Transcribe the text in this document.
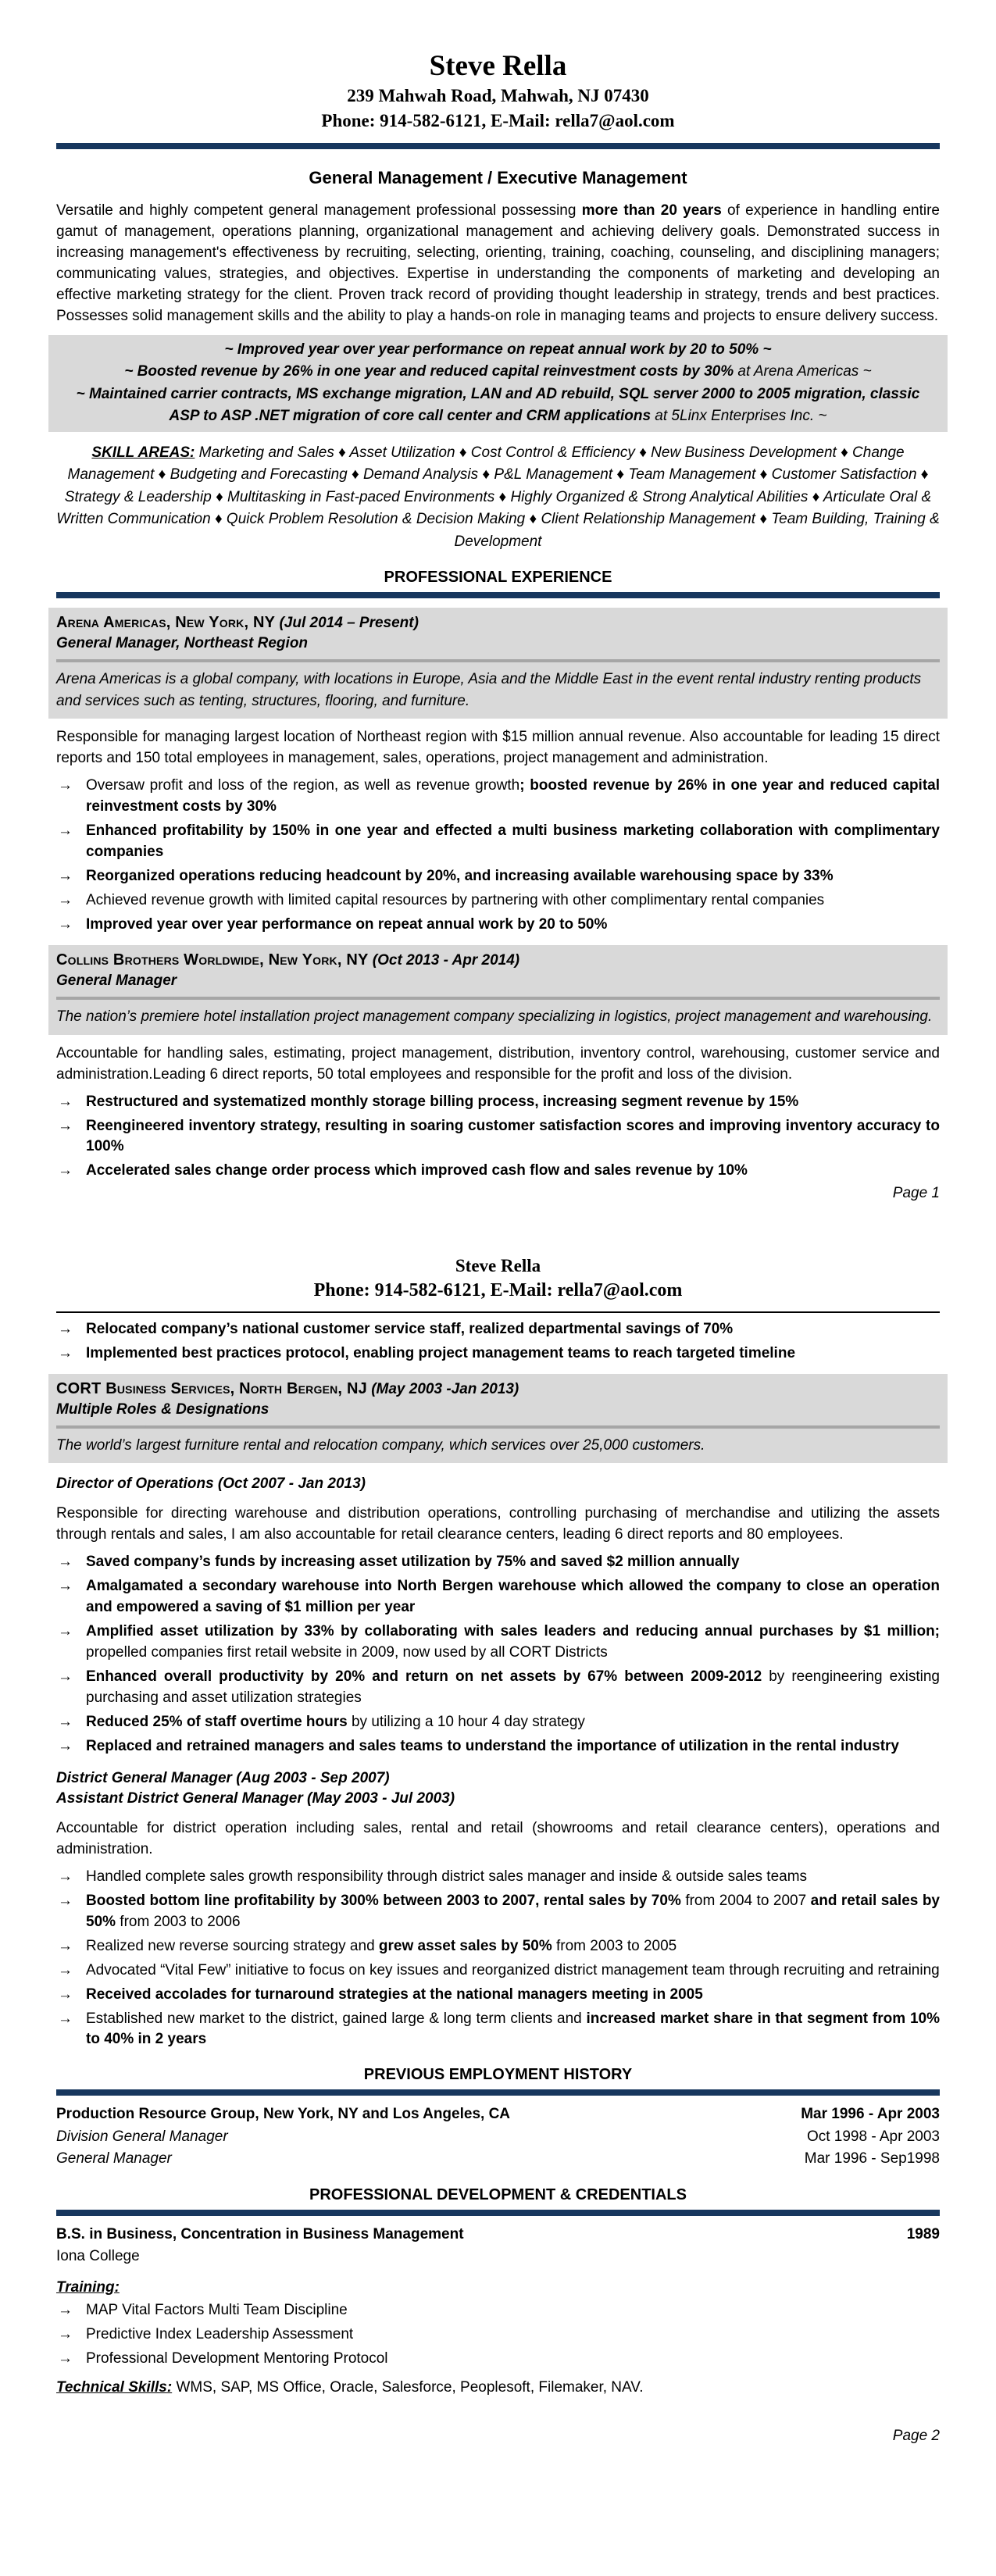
Steve Rella
239 Mahwah Road, Mahwah, NJ 07430
Phone: 914-582-6121, E-Mail: rella7@aol.com
General Management / Executive Management
Versatile and highly competent general management professional possessing more than 20 years of experience in handling entire gamut of management, operations planning, organizational management and achieving delivery goals. Demonstrated success in increasing management's effectiveness by recruiting, selecting, orienting, training, coaching, counseling, and disciplining managers; communicating values, strategies, and objectives. Expertise in understanding the components of marketing and developing an effective marketing strategy for the client. Proven track record of providing thought leadership in strategy, trends and best practices. Possesses solid management skills and the ability to play a hands-on role in managing teams and projects to ensure delivery success.
~ Improved year over year performance on repeat annual work by 20 to 50% ~
~ Boosted revenue by 26% in one year and reduced capital reinvestment costs by 30% at Arena Americas ~
~ Maintained carrier contracts, MS exchange migration, LAN and AD rebuild, SQL server 2000 to 2005 migration, classic ASP to ASP .NET migration of core call center and CRM applications at 5Linx Enterprises Inc. ~
SKILL AREAS: Marketing and Sales ♦ Asset Utilization ♦ Cost Control & Efficiency ♦ New Business Development ♦ Change Management ♦ Budgeting and Forecasting ♦ Demand Analysis ♦ P&L Management ♦ Team Management ♦ Customer Satisfaction ♦ Strategy & Leadership ♦ Multitasking in Fast-paced Environments ♦ Highly Organized & Strong Analytical Abilities ♦ Articulate Oral & Written Communication ♦ Quick Problem Resolution & Decision Making ♦ Client Relationship Management ♦ Team Building, Training & Development
PROFESSIONAL EXPERIENCE
Arena Americas, New York, NY (Jul 2014 – Present)
General Manager, Northeast Region
Arena Americas is a global company, with locations in Europe, Asia and the Middle East in the event rental industry renting products and services such as tenting, structures, flooring, and furniture.
Responsible for managing largest location of Northeast region with $15 million annual revenue. Also accountable for leading 15 direct reports and 150 total employees in management, sales, operations, project management and administration.
→ Oversaw profit and loss of the region, as well as revenue growth; boosted revenue by 26% in one year and reduced capital reinvestment costs by 30%
→ Enhanced profitability by 150% in one year and effected a multi business marketing collaboration with complimentary companies
→ Reorganized operations reducing headcount by 20%, and increasing available warehousing space by 33%
→ Achieved revenue growth with limited capital resources by partnering with other complimentary rental companies
→ Improved year over year performance on repeat annual work by 20 to 50%
Collins Brothers Worldwide, New York, NY (Oct 2013 - Apr 2014)
General Manager
The nation’s premiere hotel installation project management company specializing in logistics, project management and warehousing.
Accountable for handling sales, estimating, project management, distribution, inventory control, warehousing, customer service and administration.Leading 6 direct reports, 50 total employees and responsible for the profit and loss of the division.
→ Restructured and systematized monthly storage billing process, increasing segment revenue by 15%
→ Reengineered inventory strategy, resulting in soaring customer satisfaction scores and improving inventory accuracy to 100%
→ Accelerated sales change order process which improved cash flow and sales revenue by 10%
Page 1
Steve Rella
Phone: 914-582-6121, E-Mail: rella7@aol.com
→ Relocated company’s national customer service staff, realized departmental savings of 70%
→ Implemented best practices protocol, enabling project management teams to reach targeted timeline
CORT Business Services, North Bergen, NJ (May 2003 -Jan 2013)
Multiple Roles & Designations
The world’s largest furniture rental and relocation company, which services over 25,000 customers.
Director of Operations (Oct 2007 - Jan 2013)
Responsible for directing warehouse and distribution operations, controlling purchasing of merchandise and utilizing the assets through rentals and sales, I am also accountable for retail clearance centers, leading 6 direct reports and 80 employees.
→ Saved company’s funds by increasing asset utilization by 75% and saved $2 million annually
→ Amalgamated a secondary warehouse into North Bergen warehouse which allowed the company to close an operation and empowered a saving of $1 million per year
→ Amplified asset utilization by 33% by collaborating with sales leaders and reducing annual purchases by $1 million; propelled companies first retail website in 2009, now used by all CORT Districts
→ Enhanced overall productivity by 20% and return on net assets by 67% between 2009-2012 by reengineering existing purchasing and asset utilization strategies
→ Reduced 25% of staff overtime hours by utilizing a 10 hour 4 day strategy
→ Replaced and retrained managers and sales teams to understand the importance of utilization in the rental industry
District General Manager (Aug 2003 - Sep 2007)
Assistant District General Manager (May 2003 - Jul 2003)
Accountable for district operation including sales, rental and retail (showrooms and retail clearance centers), operations and administration.
→ Handled complete sales growth responsibility through district sales manager and inside & outside sales teams
→ Boosted bottom line profitability by 300% between 2003 to 2007, rental sales by 70% from 2004 to 2007 and retail sales by 50% from 2003 to 2006
→ Realized new reverse sourcing strategy and grew asset sales by 50% from 2003 to 2005
→ Advocated “Vital Few” initiative to focus on key issues and reorganized district management team through recruiting and retraining
→ Received accolades for turnaround strategies at the national managers meeting in 2005
→ Established new market to the district, gained large & long term clients and increased market share in that segment from 10% to 40% in 2 years
PREVIOUS EMPLOYMENT HISTORY
Production Resource Group, New York, NY and Los Angeles, CA	Mar 1996 - Apr 2003
Division General Manager	Oct 1998 - Apr 2003
General Manager	Mar 1996 - Sep1998
PROFESSIONAL DEVELOPMENT & CREDENTIALS
B.S. in Business, Concentration in Business Management	1989
Iona College
Training:
→ MAP Vital Factors Multi Team Discipline
→ Predictive Index Leadership Assessment
→ Professional Development Mentoring Protocol
Technical Skills: WMS, SAP, MS Office, Oracle, Salesforce, Peoplesoft, Filemaker, NAV.
Page 2
